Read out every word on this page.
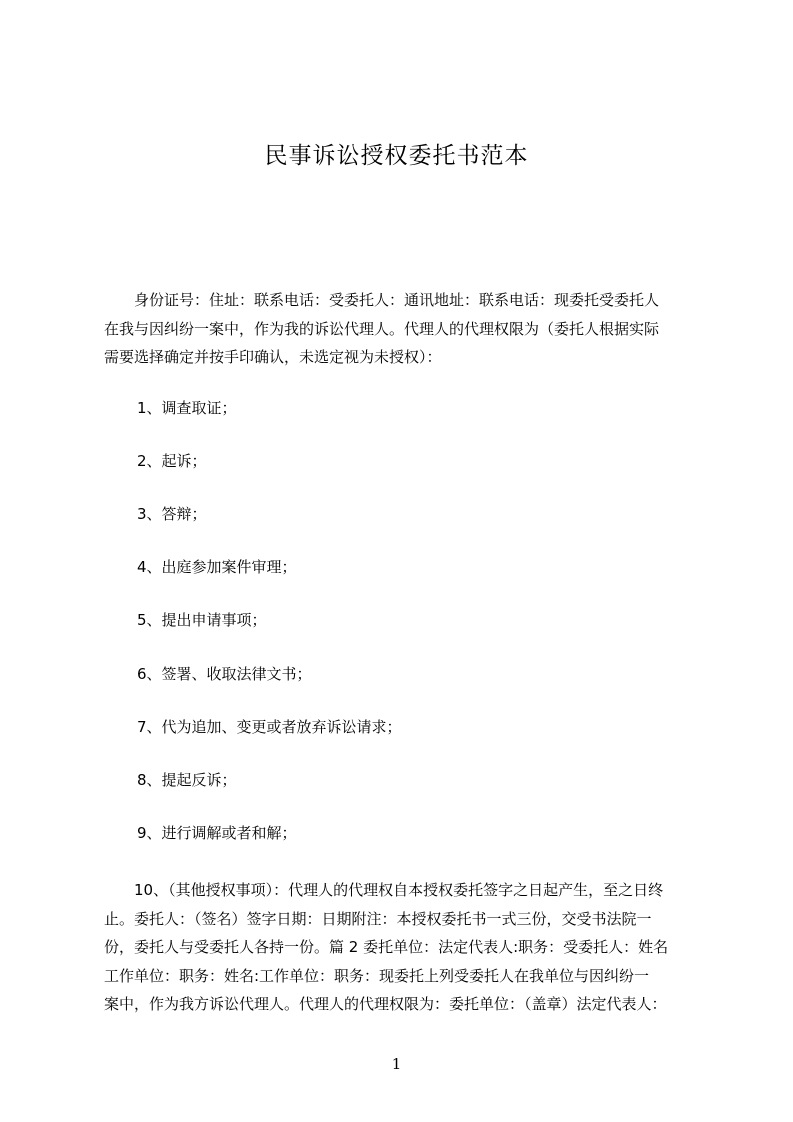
民事诉讼授权委托书范本
　　身份证号：住址：联系电话：受委托人：通讯地址：联系电话：现委托受委托人
在我与因纠纷一案中，作为我的诉讼代理人。代理人的代理权限为（委托人根据实际
需要选择确定并按手印确认，未选定视为未授权）：
1、调查取证；
2、起诉；
3、答辩；
4、出庭参加案件审理；
5、提出申请事项；
6、签署、收取法律文书；
7、代为追加、变更或者放弃诉讼请求；
8、提起反诉；
9、进行调解或者和解；
　　10、（其他授权事项）：代理人的代理权自本授权委托签字之日起产生，至之日终
止。委托人：（签名）签字日期：日期附注：本授权委托书一式三份，交受书法院一
份，委托人与受委托人各持一份。篇 2 委托单位：法定代表人:职务：受委托人：姓名
工作单位：职务：姓名:工作单位：职务：现委托上列受委托人在我单位与因纠纷一
案中，作为我方诉讼代理人。代理人的代理权限为：委托单位：（盖章）法定代表人：
1
